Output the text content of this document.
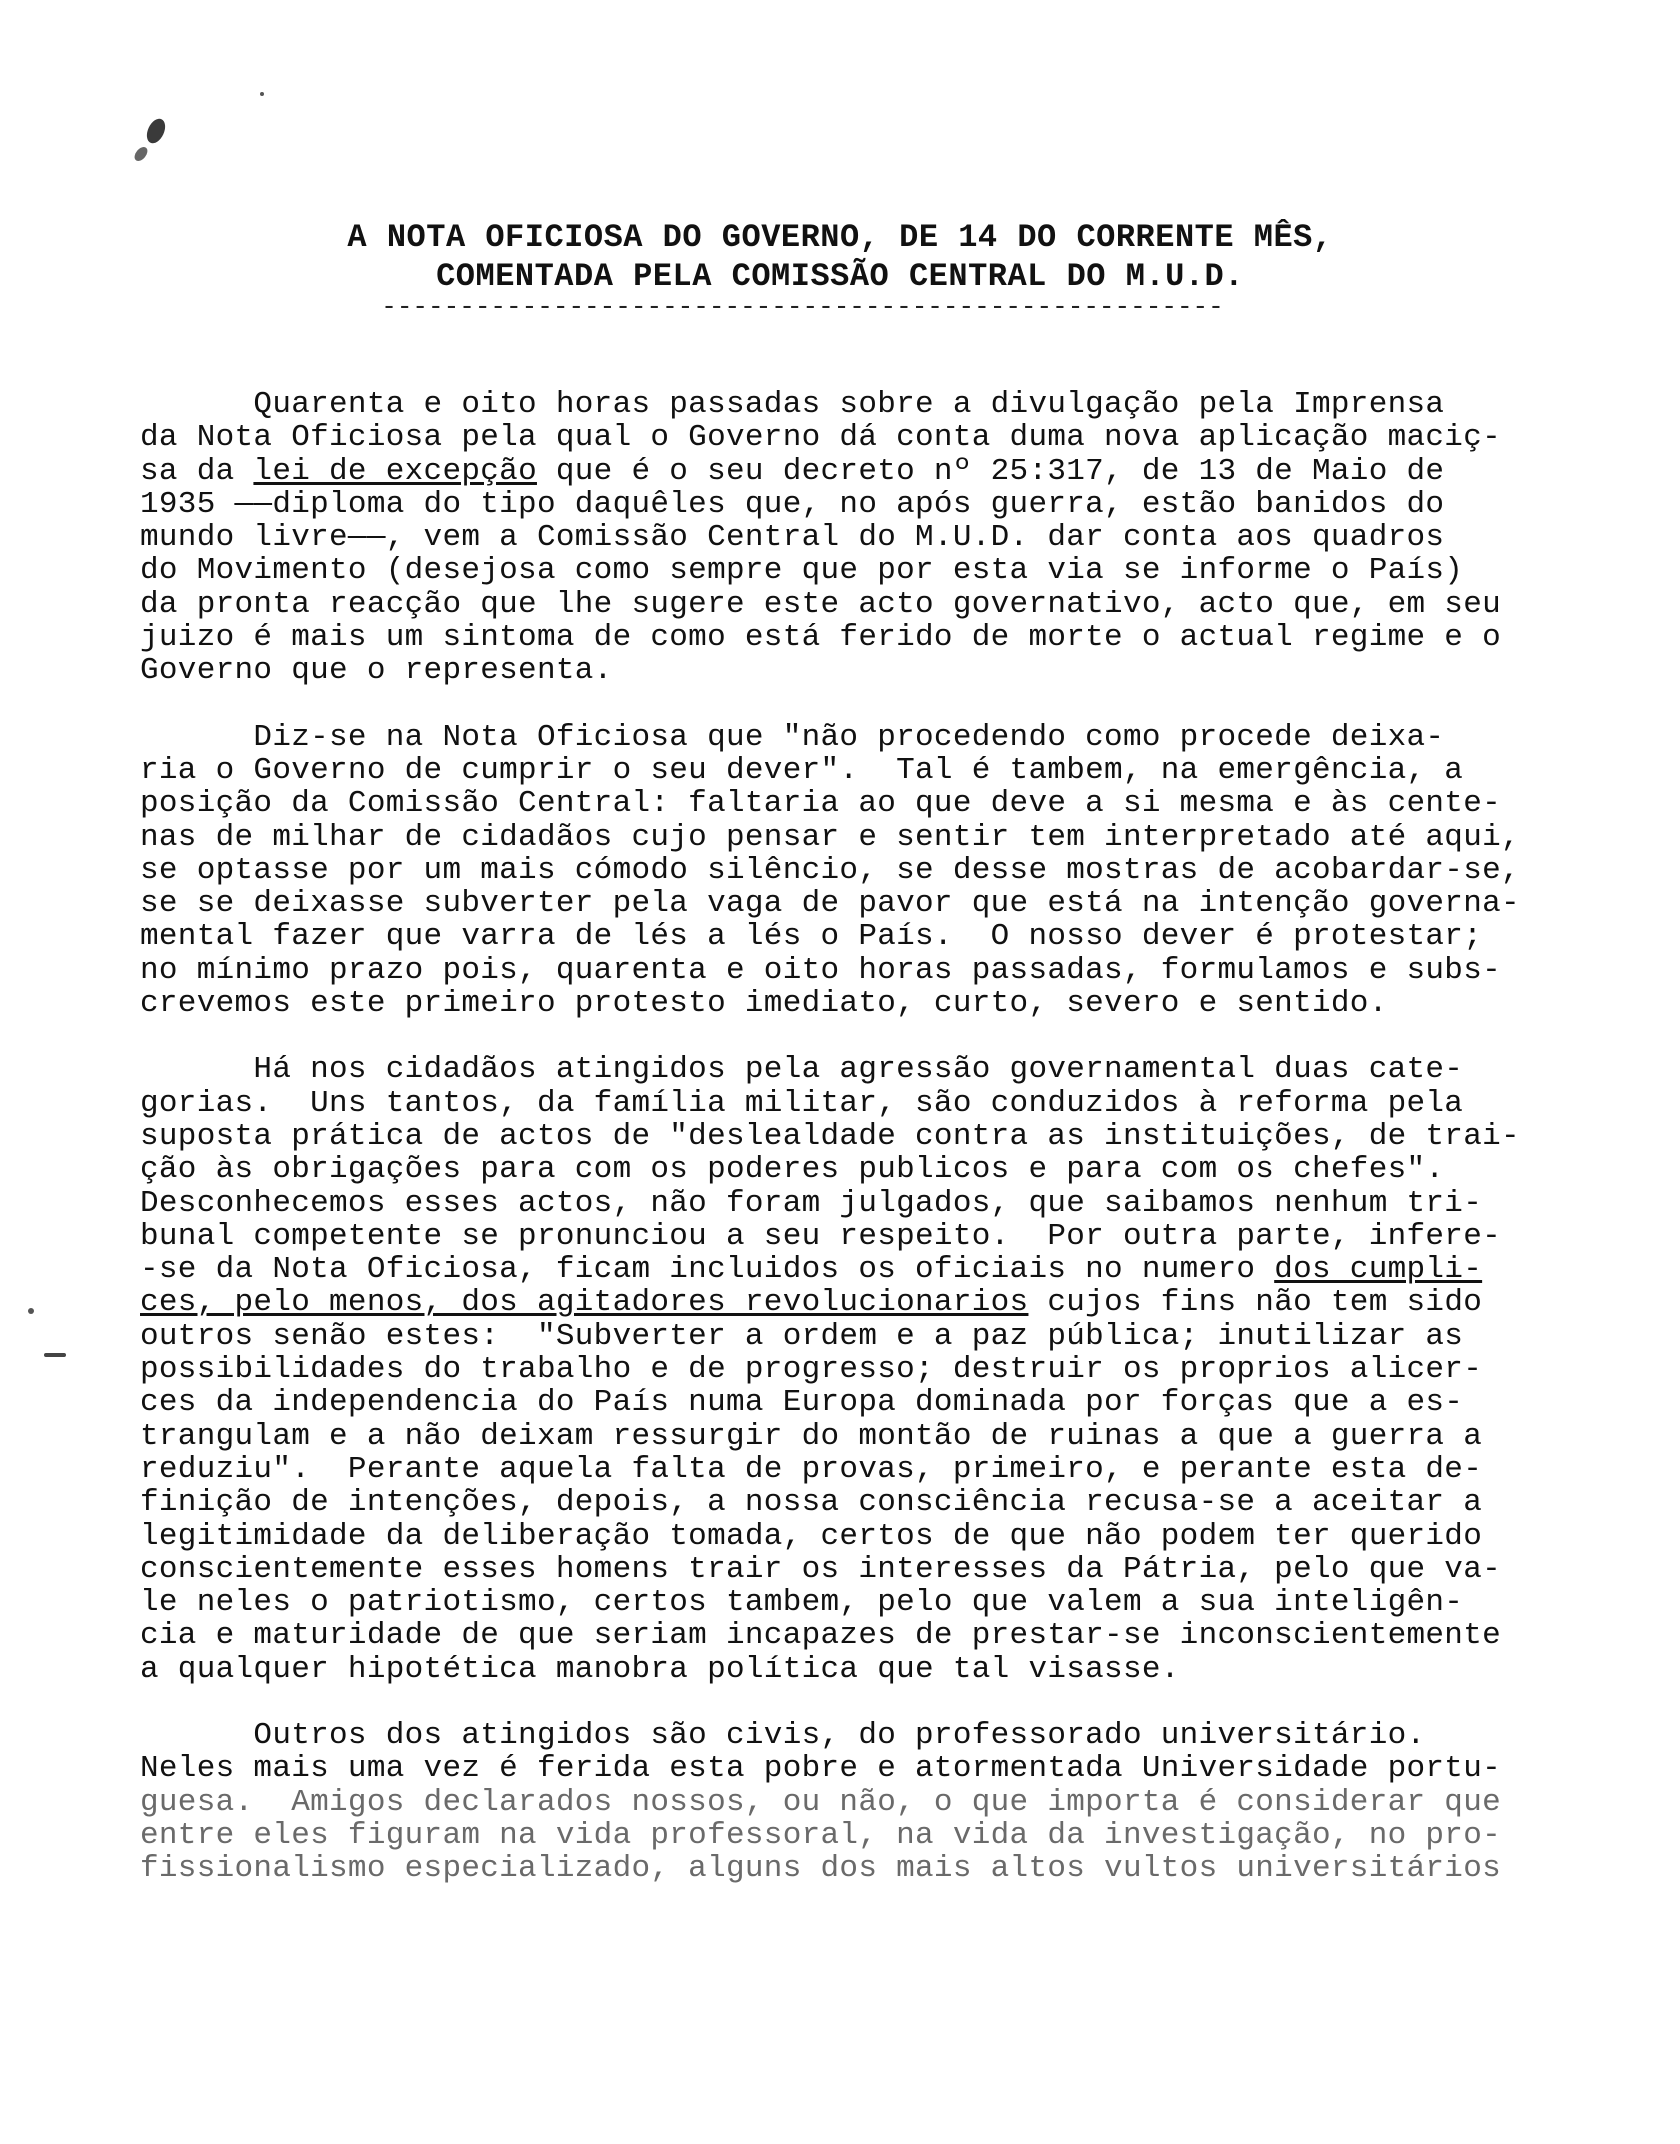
A NOTA OFICIOSA DO GOVERNO, DE 14 DO CORRENTE MÊS,
COMENTADA PELA COMISSÃO CENTRAL DO M.U.D.
------------------------------------------------------
Quarenta e oito horas passadas sobre a divulgação pela Imprensa
da Nota Oficiosa pela qual o Governo dá conta duma nova aplicação maciç-
sa da lei de excepção que é o seu decreto nº 25:317, de 13 de Maio de
1935 ——diploma do tipo daquêles que, no após guerra, estão banidos do
mundo livre——, vem a Comissão Central do M.U.D. dar conta aos quadros
do Movimento (desejosa como sempre que por esta via se informe o País)
da pronta reacção que lhe sugere este acto governativo, acto que, em seu
juizo é mais um sintoma de como está ferido de morte o actual regime e o
Governo que o representa.
Diz-se na Nota Oficiosa que "não procedendo como procede deixa-
ria o Governo de cumprir o seu dever".  Tal é tambem, na emergência, a
posição da Comissão Central: faltaria ao que deve a si mesma e às cente-
nas de milhar de cidadãos cujo pensar e sentir tem interpretado até aqui,
se optasse por um mais cómodo silêncio, se desse mostras de acobardar-se,
se se deixasse subverter pela vaga de pavor que está na intenção governa-
mental fazer que varra de lés a lés o País.  O nosso dever é protestar;
no mínimo prazo pois, quarenta e oito horas passadas, formulamos e subs-
crevemos este primeiro protesto imediato, curto, severo e sentido.
Há nos cidadãos atingidos pela agressão governamental duas cate-
gorias.  Uns tantos, da família militar, são conduzidos à reforma pela
suposta prática de actos de "deslealdade contra as instituições, de trai-
ção às obrigações para com os poderes publicos e para com os chefes".
Desconhecemos esses actos, não foram julgados, que saibamos nenhum tri-
bunal competente se pronunciou a seu respeito.  Por outra parte, infere-
-se da Nota Oficiosa, ficam incluidos os oficiais no numero dos cumpli-
ces, pelo menos, dos agitadores revolucionarios cujos fins não tem sido
outros senão estes:  "Subverter a ordem e a paz pública; inutilizar as
possibilidades do trabalho e de progresso; destruir os proprios alicer-
ces da independencia do País numa Europa dominada por forças que a es-
trangulam e a não deixam ressurgir do montão de ruinas a que a guerra a
reduziu".  Perante aquela falta de provas, primeiro, e perante esta de-
finição de intenções, depois, a nossa consciência recusa-se a aceitar a
legitimidade da deliberação tomada, certos de que não podem ter querido
conscientemente esses homens trair os interesses da Pátria, pelo que va-
le neles o patriotismo, certos tambem, pelo que valem a sua inteligên-
cia e maturidade de que seriam incapazes de prestar-se inconscientemente
a qualquer hipotética manobra política que tal visasse.
Outros dos atingidos são civis, do professorado universitário.
Neles mais uma vez é ferida esta pobre e atormentada Universidade portu-
guesa.  Amigos declarados nossos, ou não, o que importa é considerar que
entre eles figuram na vida professoral, na vida da investigação, no pro-
fissionalismo especializado, alguns dos mais altos vultos universitários
